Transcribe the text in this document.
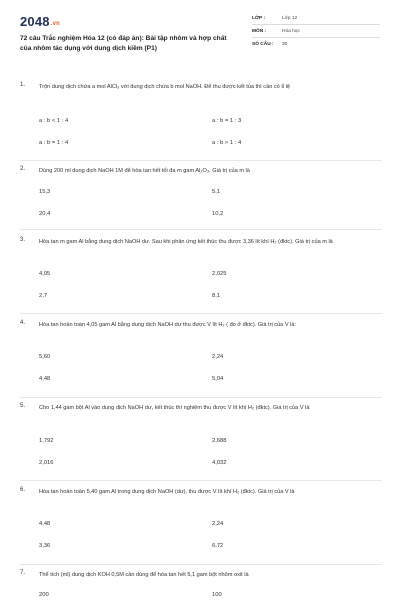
2048.vn
72 câu Trắc nghiệm Hóa 12 (có đáp án): Bài tập nhôm và hợp chất của nhôm tác dụng với dung dịch kiềm (P1)
LỚP :	Lớp 12
MÔN :	Hóa học
SỐ CÂU :	30
1. Trộn dung dịch chứa a mol AlCl₃ với dung dịch chứa b mol NaOH. Để thu được kết tủa thì cần có tỉ lệ
a : b < 1 : 4	a : b = 1 : 3
a : b = 1 : 4	a : b > 1 : 4
2. Dùng 200 ml dung dịch NaOH 1M để hòa tan hết tối đa m gam Al₂O₃. Giá trị của m là
15,3	5,1
20,4	10,2
3. Hòa tan m gam Al bằng dung dịch NaOH dư. Sau khi phản ứng kết thúc thu được 3,36 lít khí H₂ (đktc). Giá trị của m là
4,05	2,025
2,7	8,1
4. Hòa tan hoàn toàn 4,05 gam Al bằng dung dịch NaOH dư thu được V lít H₂ ( đo ở đktc). Giá trị của V là:
5,60	2,24
4,48	5,04
5. Cho 1,44 gam bột Al vào dung dịch NaOH dư, kết thúc thí nghiệm thu được V lít khí H₂ (đktc). Giá trị của V là
1,792	2,688
2,016	4,032
6. Hòa tan hoàn toàn 5,40 gam Al trong dung dịch NaOH (dư), thu được V lít khí H₂ (đktc). Giá trị của V là
4,48	2,24
3,36	6,72
7. Thể tích (ml) dung dịch KOH 0,5M cần dùng để hòa tan hết 5,1 gam bột nhôm oxit là
200	100
